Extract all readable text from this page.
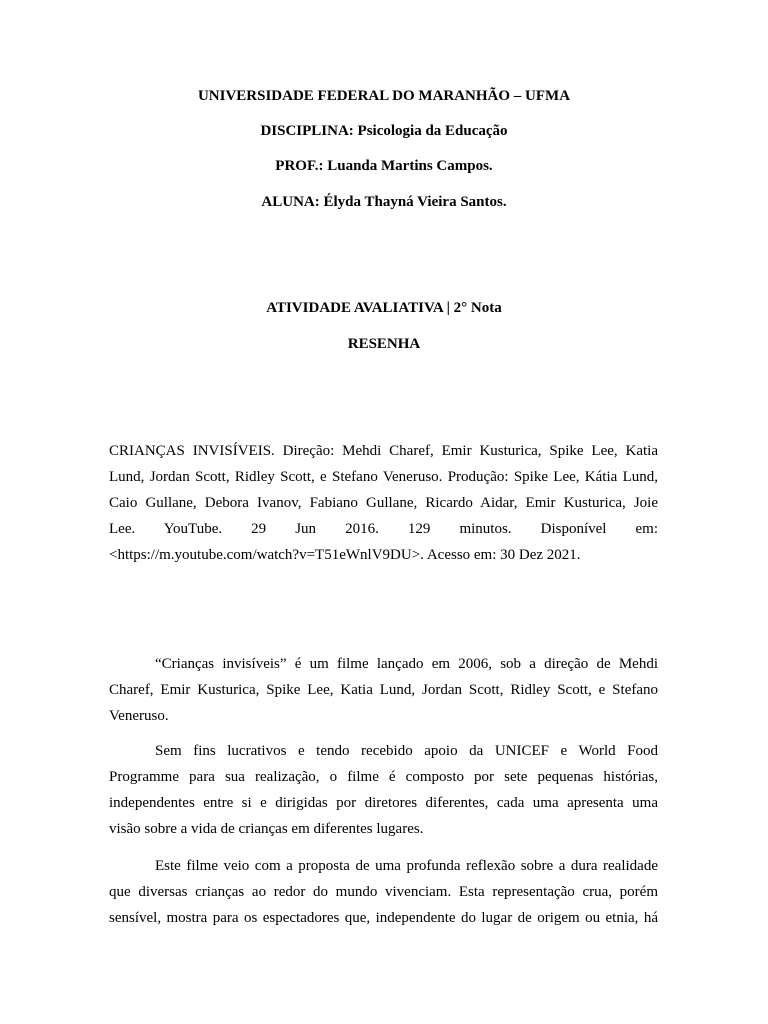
UNIVERSIDADE FEDERAL DO MARANHÃO – UFMA
DISCIPLINA: Psicologia da Educação
PROF.: Luanda Martins Campos.
ALUNA: Élyda Thayná Vieira Santos.
ATIVIDADE AVALIATIVA | 2° Nota
RESENHA
CRIANÇAS INVISÍVEIS. Direção: Mehdi Charef, Emir Kusturica, Spike Lee, Katia
Lund, Jordan Scott, Ridley Scott, e Stefano Veneruso. Produção: Spike Lee, Kátia Lund,
Caio Gullane, Debora Ivanov, Fabiano Gullane, Ricardo Aidar, Emir Kusturica, Joie
Lee. YouTube. 29 Jun 2016. 129 minutos. Disponível em:
<https://m.youtube.com/watch?v=T51eWnlV9DU>. Acesso em: 30 Dez 2021.
“Crianças invisíveis” é um filme lançado em 2006, sob a direção de Mehdi
Charef, Emir Kusturica, Spike Lee, Katia Lund, Jordan Scott, Ridley Scott, e Stefano
Veneruso.
Sem fins lucrativos e tendo recebido apoio da UNICEF e World Food
Programme para sua realização, o filme é composto por sete pequenas histórias,
independentes entre si e dirigidas por diretores diferentes, cada uma apresenta uma
visão sobre a vida de crianças em diferentes lugares.
Este filme veio com a proposta de uma profunda reflexão sobre a dura realidade
que diversas crianças ao redor do mundo vivenciam. Esta representação crua, porém
sensível, mostra para os espectadores que, independente do lugar de origem ou etnia, há
